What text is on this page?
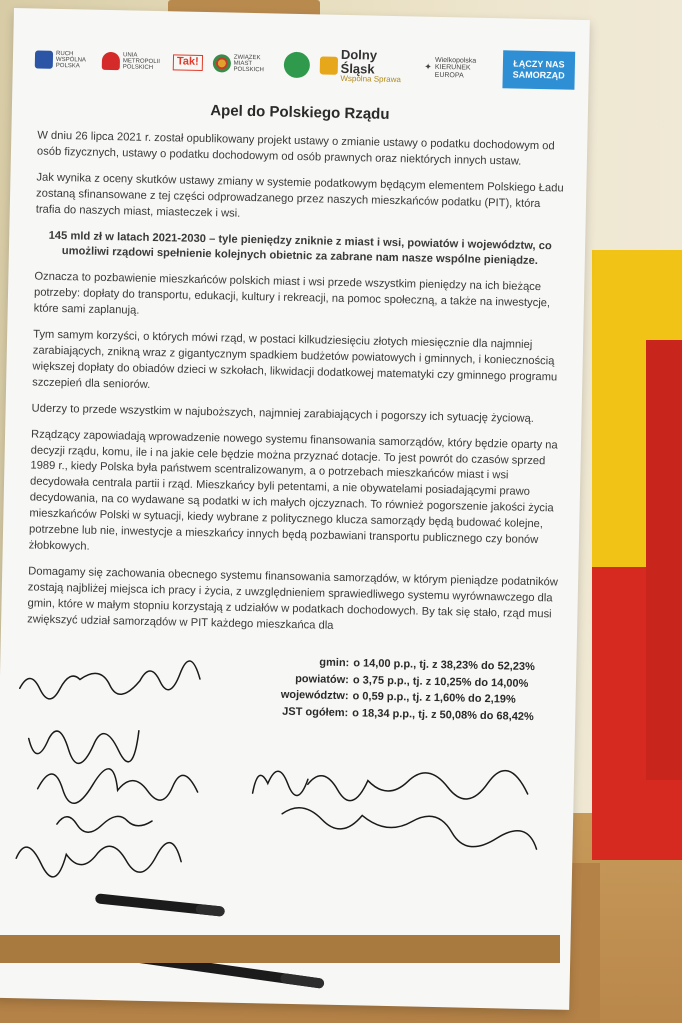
RUCH WSPÓLNA POLSKA
UNIA METROPOLII POLSKICH	Tak!	ZWIĄZEK MIAST POLSKICH
Dolny Śląsk
Wspólna Sprawa
✦
Wielkopolska KIERUNEK EUROPA
ŁĄCZY NAS
SAMORZĄD
Apel do Polskiego Rządu

W dniu 26 lipca 2021 r. został opublikowany projekt ustawy o zmianie ustawy o podatku dochodowym od osób fizycznych, ustawy o podatku dochodowym od osób prawnych oraz niektórych innych ustaw.

Jak wynika z oceny skutków ustawy zmiany w systemie podatkowym będącym elementem Polskiego Ładu zostaną sfinansowane z tej części odprowadzanego przez naszych mieszkańców podatku (PIT), która trafia do naszych miast, miasteczek i wsi.

145 mld zł w latach 2021-2030 – tyle pieniędzy zniknie z miast i wsi, powiatów i województw, co umożliwi rządowi spełnienie kolejnych obietnic za zabrane nam nasze wspólne pieniądze.

Oznacza to pozbawienie mieszkańców polskich miast i wsi przede wszystkim pieniędzy na ich bieżące potrzeby: dopłaty do transportu, edukacji, kultury i rekreacji, na pomoc społeczną, a także na inwestycje, które sami zaplanują.

Tym samym korzyści, o których mówi rząd, w postaci kilkudziesięciu złotych miesięcznie dla najmniej zarabiających, znikną wraz z gigantycznym spadkiem budżetów powiatowych i gminnych, i koniecznością większej dopłaty do obiadów dzieci w szkołach, likwidacji dodatkowej matematyki czy gminnego programu szczepień dla seniorów.

Uderzy to przede wszystkim w najuboższych, najmniej zarabiających i pogorszy ich sytuację życiową.

Rządzący zapowiadają wprowadzenie nowego systemu finansowania samorządów, który będzie oparty na decyzji rządu, komu, ile i na jakie cele będzie można przyznać dotacje. To jest powrót do czasów sprzed 1989 r., kiedy Polska była państwem scentralizowanym, a o potrzebach mieszkańców miast i wsi decydowała centrala partii i rząd. Mieszkańcy byli petentami, a nie obywatelami posiadającymi prawo decydowania, na co wydawane są podatki w ich małych ojczyznach. To również pogorszenie jakości życia mieszkańców Polski w sytuacji, kiedy wybrane z politycznego klucza samorządy będą budować kolejne, potrzebne lub nie, inwestycje a mieszkańcy innych będą pozbawiani transportu publicznego czy bonów żłobkowych.

Domagamy się zachowania obecnego systemu finansowania samorządów, w którym pieniądze podatników zostają najbliżej miejsca ich pracy i życia, z uwzględnieniem sprawiedliwego systemu wyrównawczego dla gmin, które w małym stopniu korzystają z udziałów w podatkach dochodowych. By tak się stało, rząd musi zwiększyć udział samorządów w PIT każdego mieszkańca dla

gmin:	o 14,00 p.p., tj. z 38,23% do 52,23%
powiatów:	o 3,75 p.p., tj. z 10,25% do 14,00%
województw:	o 0,59 p.p., tj. z 1,60% do 2,19%
JST ogółem:	o 18,34 p.p., tj. z 50,08% do 68,42%
